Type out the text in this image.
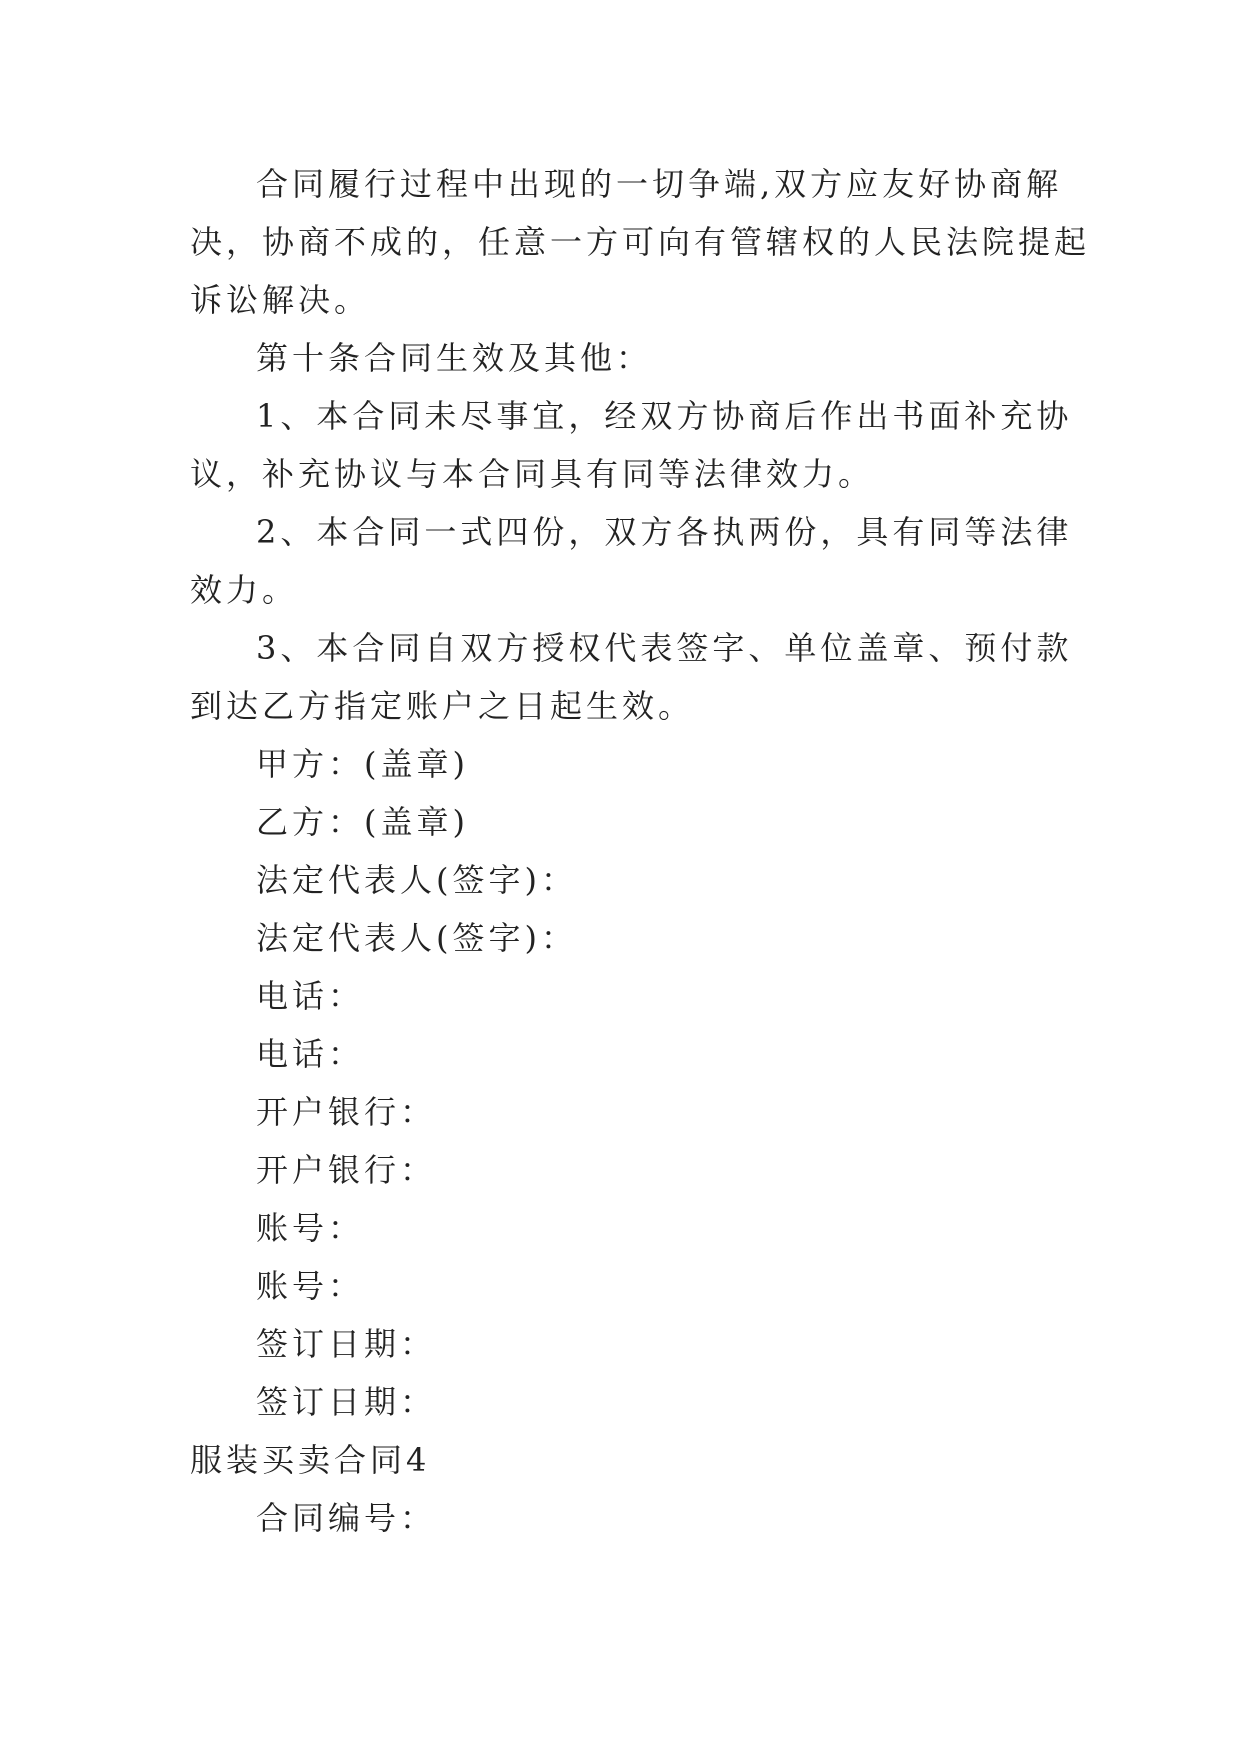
合同履行过程中出现的一切争端,双方应友好协商解决，协商不成的，任意一方可向有管辖权的人民法院提起诉讼解决。

第十条合同生效及其他：

1、本合同未尽事宜，经双方协商后作出书面补充协议，补充协议与本合同具有同等法律效力。

2、本合同一式四份，双方各执两份，具有同等法律效力。

3、本合同自双方授权代表签字、单位盖章、预付款到达乙方指定账户之日起生效。

甲方：(盖章)

乙方：(盖章)

法定代表人(签字)：

法定代表人(签字)：

电话：

电话：

开户银行：

开户银行：

账号：

账号：

签订日期：

签订日期：

服装买卖合同4

合同编号：
